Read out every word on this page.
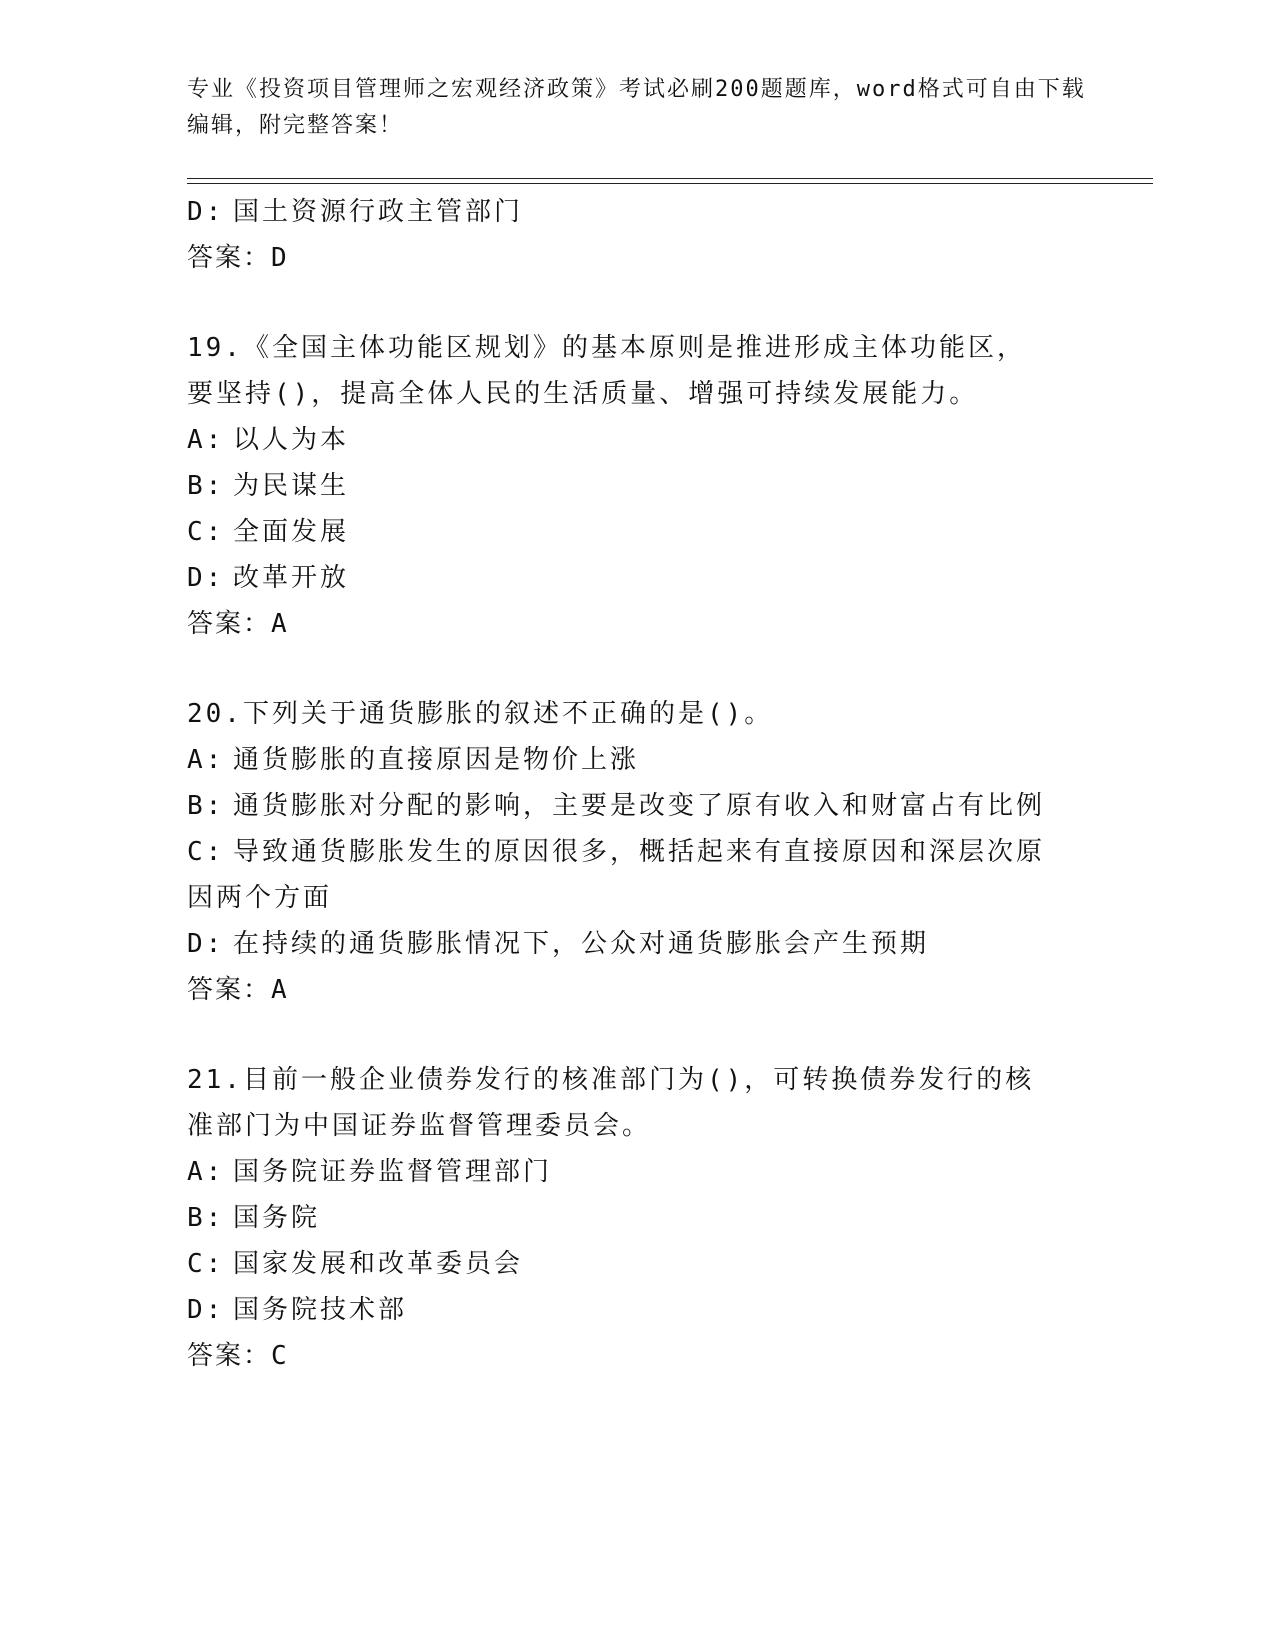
专业《投资项目管理师之宏观经济政策》考试必刷200题题库，word格式可自由下载编辑，附完整答案！
D: 国土资源行政主管部门
答案：D
19.《全国主体功能区规划》的基本原则是推进形成主体功能区，要坚持()，提高全体人民的生活质量、增强可持续发展能力。
A: 以人为本
B: 为民谋生
C: 全面发展
D: 改革开放
答案：A
20.下列关于通货膨胀的叙述不正确的是()。
A: 通货膨胀的直接原因是物价上涨
B: 通货膨胀对分配的影响，主要是改变了原有收入和财富占有比例
C: 导致通货膨胀发生的原因很多，概括起来有直接原因和深层次原因两个方面
D: 在持续的通货膨胀情况下，公众对通货膨胀会产生预期
答案：A
21.目前一般企业债券发行的核准部门为()，可转换债券发行的核准部门为中国证券监督管理委员会。
A: 国务院证券监督管理部门
B: 国务院
C: 国家发展和改革委员会
D: 国务院技术部
答案：C
